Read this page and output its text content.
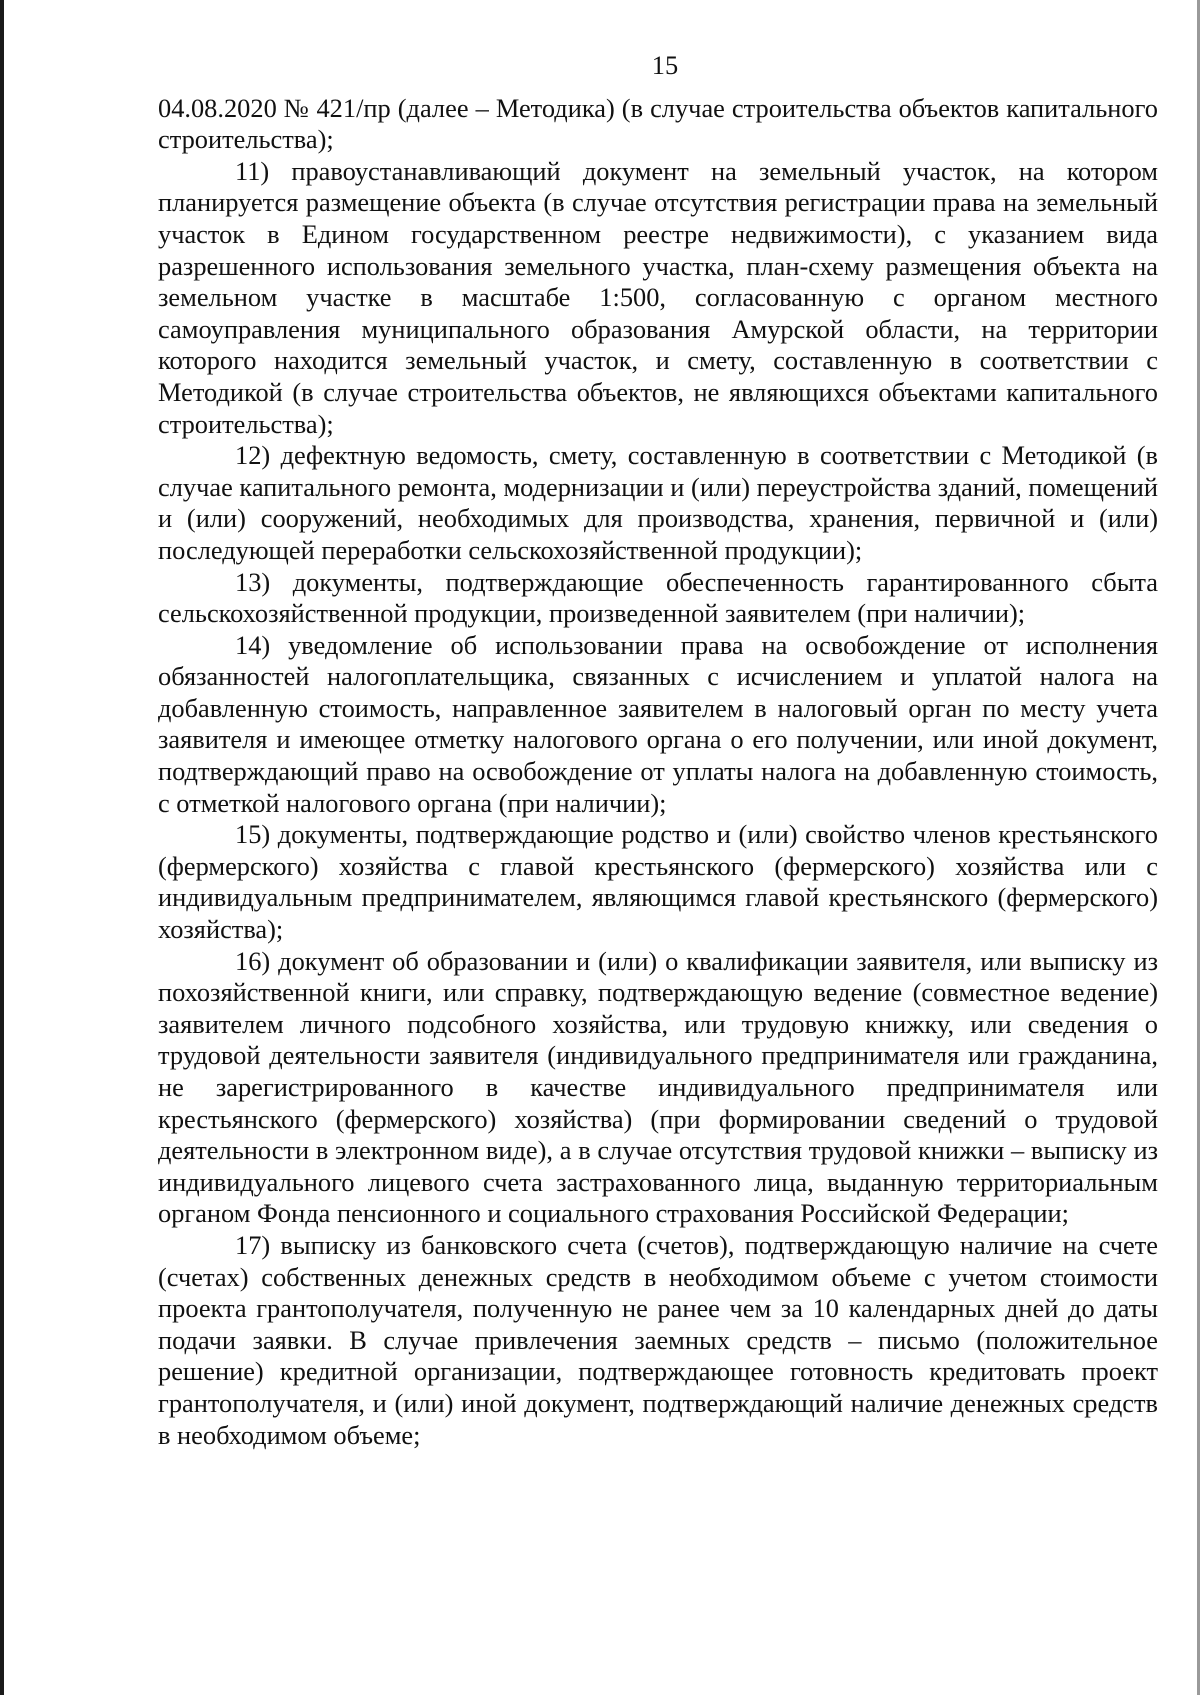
15

04.08.2020 № 421/пр (далее – Методика) (в случае строительства объектов капитального строительства);

11) правоустанавливающий документ на земельный участок, на котором планируется размещение объекта (в случае отсутствия регистрации права на земельный участок в Едином государственном реестре недвижимости), с указанием вида разрешенного использования земельного участка, план-схему размещения объекта на земельном участке в масштабе 1:500, согласованную с органом местного самоуправления муниципального образования Амурской области, на территории которого находится земельный участок, и смету, составленную в соответствии с Методикой (в случае строительства объектов, не являющихся объектами капитального строительства);

12) дефектную ведомость, смету, составленную в соответствии с Методикой (в случае капитального ремонта, модернизации и (или) переустройства зданий, помещений и (или) сооружений, необходимых для производства, хранения, первичной и (или) последующей переработки сельскохозяйственной продукции);

13) документы, подтверждающие обеспеченность гарантированного сбыта сельскохозяйственной продукции, произведенной заявителем (при наличии);

14) уведомление об использовании права на освобождение от исполнения обязанностей налогоплательщика, связанных с исчислением и уплатой налога на добавленную стоимость, направленное заявителем в налоговый орган по месту учета заявителя и имеющее отметку налогового органа о его получении, или иной документ, подтверждающий право на освобождение от уплаты налога на добавленную стоимость, с отметкой налогового органа (при наличии);

15) документы, подтверждающие родство и (или) свойство членов крестьянского (фермерского) хозяйства с главой крестьянского (фермерского) хозяйства или с индивидуальным предпринимателем, являющимся главой крестьянского (фермерского) хозяйства);

16) документ об образовании и (или) о квалификации заявителя, или выписку из похозяйственной книги, или справку, подтверждающую ведение (совместное ведение) заявителем личного подсобного хозяйства, или трудовую книжку, или сведения о трудовой деятельности заявителя (индивидуального предпринимателя или гражданина, не зарегистрированного в качестве индивидуального предпринимателя или крестьянского (фермерского) хозяйства) (при формировании сведений о трудовой деятельности в электронном виде), а в случае отсутствия трудовой книжки – выписку из индивидуального лицевого счета застрахованного лица, выданную территориальным органом Фонда пенсионного и социального страхования Российской Федерации;

17) выписку из банковского счета (счетов), подтверждающую наличие на счете (счетах) собственных денежных средств в необходимом объеме с учетом стоимости проекта грантополучателя, полученную не ранее чем за 10 календарных дней до даты подачи заявки. В случае привлечения заемных средств – письмо (положительное решение) кредитной организации, подтверждающее готовность кредитовать проект грантополучателя, и (или) иной документ, подтверждающий наличие денежных средств в необходимом объеме;
